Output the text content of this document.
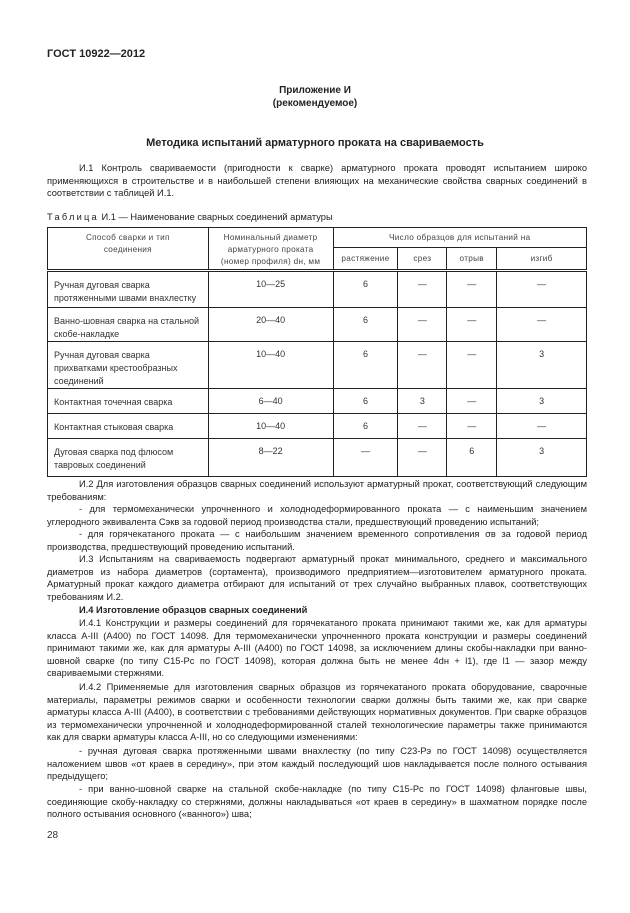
ГОСТ 10922—2012
Приложение И
(рекомендуемое)
Методика испытаний арматурного проката на свариваемость
И.1 Контроль свариваемости (пригодности к сварке) арматурного проката проводят испытанием широко применяющихся в строительстве и в наибольшей степени влияющих на механические свойства сварных соединений в соответствии с таблицей И.1.
Таблица И.1 — Наименование сварных соединений арматуры
Способ сварки и тип соединения	Номинальный диаметр арматурного проката (номер профиля) dн, мм	Число образцов для испытаний на			
		растяжение	срез	отрыв	изгиб
Ручная дуговая сварка протяженными швами внахлестку	10—25	6	—	—	—
Ванно-шовная сварка на стальной скобе-накладке	20—40	6	—	—	—
Ручная дуговая сварка прихватками крестообразных соединений	10—40	6	—	—	3
Контактная точечная сварка	6—40	6	3	—	3
Контактная стыковая сварка	10—40	6	—	—	—
Дуговая сварка под флюсом тавровых соединений	8—22	—	—	6	3
И.2 Для изготовления образцов сварных соединений используют арматурный прокат, соответствующий следующим требованиям:
- для термомеханически упрочненного и холоднодеформированного проката — с наименьшим значением углеродного эквивалента Сэкв за годовой период производства стали, предшествующий проведению испытаний;
- для горячекатаного проката — с наибольшим значением временного сопротивления σв за годовой период производства, предшествующий проведению испытаний.
И.3 Испытаниям на свариваемость подвергают арматурный прокат минимального, среднего и максимального диаметров из набора диаметров (сортамента), производимого предприятием—изготовителем арматурного проката. Арматурный прокат каждого диаметра отбирают для испытаний от трех случайно выбранных плавок, соответствующих требованиям И.2.
И.4 Изготовление образцов сварных соединений
И.4.1 Конструкции и размеры соединений для горячекатаного проката принимают такими же, как для арматуры класса А-III (А400) по ГОСТ 14098. Для термомеханически упрочненного проката конструкции и размеры соединений принимают такими же, как для арматуры А-III (А400) по ГОСТ 14098, за исключением длины скобы-накладки при ванно-шовной сварке (по типу С15-Рс по ГОСТ 14098), которая должна быть не менее 4dн + l1), где l1 — зазор между свариваемыми стержнями.
И.4.2 Применяемые для изготовления сварных образцов из горячекатаного проката оборудование, сварочные материалы, параметры режимов сварки и особенности технологии сварки должны быть такими же, как при сварке арматуры класса А-III (А400), в соответствии с требованиями действующих нормативных документов. При сварке образцов из термомеханически упрочненной и холоднодеформированной сталей технологические параметры также принимаются как для сварки арматуры класса А-III, но со следующими изменениями:
- ручная дуговая сварка протяженными швами внахлестку (по типу С23-Рэ по ГОСТ 14098) осуществляется наложением швов «от краев в середину», при этом каждый последующий шов накладывается после полного остывания предыдущего;
- при ванно-шовной сварке на стальной скобе-накладке (по типу С15-Рс по ГОСТ 14098) фланговые швы, соединяющие скобу-накладку со стержнями, должны накладываться «от краев в середину» в шахматном порядке после полного остывания основного («ванного») шва;
28
